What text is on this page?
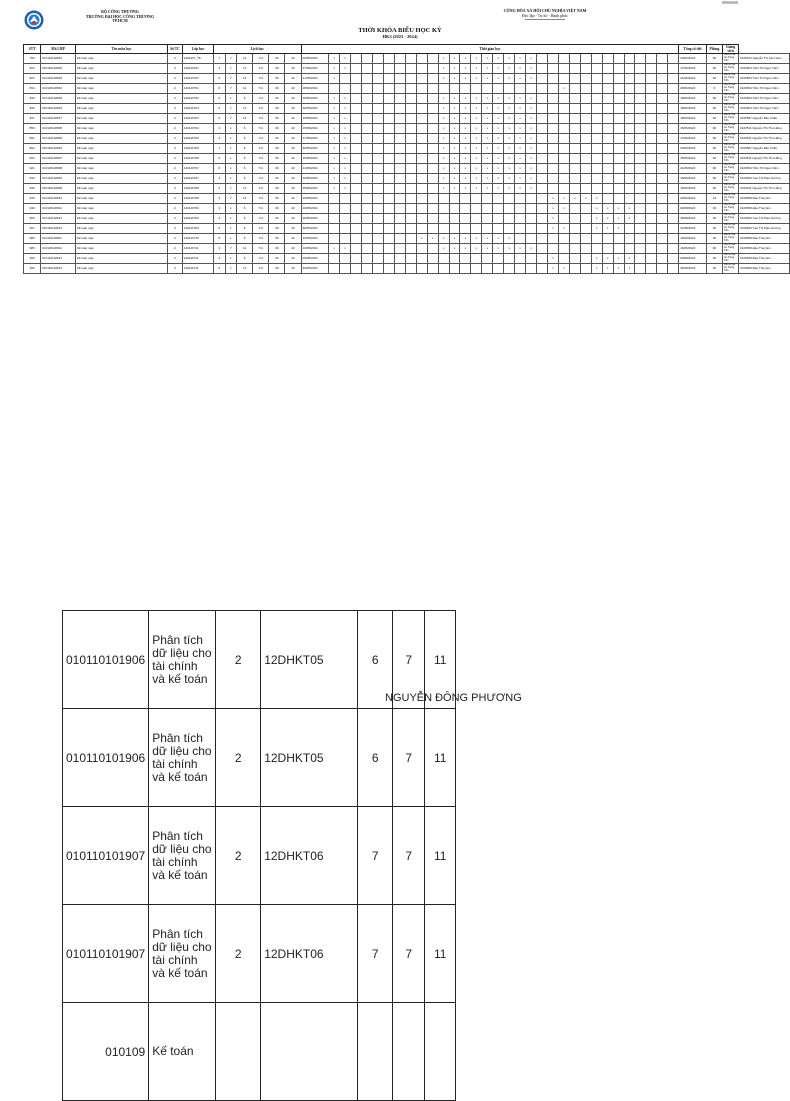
00000000
BỘ CÔNG THƯƠNG
TRƯỜNG ĐẠI HỌC CÔNG THƯƠNG
TP.HCM
CỘNG HÒA XÃ HỘI CHỦ NGHĨA VIỆT NAM
Độc lập - Tự do - Hạnh phúc
THỜI KHÓA BIỂU HỌC KỲ
HK3 (2023 - 2024)
STT	Mã LHP	Tên môn học	Số TC	Lớp học	Lịch học						Thời gian học																																	Tổng số tiết	Phòng	Giảng viên	
780	010110120801	Kế toán máy	2	12DHKT_T8	7	7	12	TH	60	42	20/05/2024	x	x									x	x	x	x	x	x	x	x	x														23/06/2024	60	B301-Toà Lê Trọng Tấn	0100512 Nguyễn Thị Lâm Viên
803	010110120802	Kế toán máy	2	12DHKT01	4	7	12	TH	60	42	17/05/2024	x	x									x	x	x	x	x	x	x	x	x														17/06/2024	60	B301-Toà Lê Trọng Tấn	0100504 Trần Thị Ngọc Cẩm
823	010110120803	Kế toán máy	2	12DHKT01	6	7	12	TH	60	42	21/05/2024	x										x	x	x	x	x	x	x	x	x														21/06/2024	60	B301-Toà Lê Trọng Tấn	0100504 Trần Thị Ngọc Cẩm
834	010110120810	Kế toán máy	2	12DHKT01	6	7	12	TH	60	42	28/06/2024																						x											28/06/2024	6	B301-Toà Lê Trọng Tấn	0100504 Trần Thị Ngọc Cẩm
840	010110120803	Kế toán máy	2	12DHKT02	6	1	6	TH	60	42	18/05/2024	x	x									x	x	x	x	x	x	x	x	x														18/06/2024	60	B301-Toà Lê Trọng Tấn	0100504 Trần Thị Ngọc Cẩm
846	010110120804	Kế toán máy	2	12DHKT03	6	7	12	TH	60	42	18/05/2024	x	x									x	x	x	x	x	x	x	x	x														18/06/2024	60	B301-Toà Lê Trọng Tấn	0100504 Trần Thị Ngọc Cẩm
847	010110120817	Kế toán máy	2	12DHKT03	6	7	12	TH	60	42	18/05/2024	x	x									x	x	x	x	x	x	x	x	x														18/06/2024	60	B301-Toà Lê Trọng Tấn	0100587 Nguyễn Bảo Châu
856	010110120805	Kế toán máy	2	12DHKT04	2	1	6	TH	60	42	15/05/2024	x	x									x	x	x	x	x	x	x	x	x														15/06/2024	60	B301-Toà Lê Trọng Tấn	0100511 Nguyễn Thị Thu Hằng
861	010110120806	Kế toán máy	2	12DHKT05	4	1	6	TH	60	42	17/05/2024	x	x									x	x	x	x	x	x	x	x	x														17/06/2024	60	B301-Toà Lê Trọng Tấn	0100511 Nguyễn Thị Thu Hằng
862	010110120816	Kế toán máy	2	12DHKT06	7	1	6	TH	60	42	20/05/2024	x	x									x	x	x	x	x	x	x	x	x														20/06/2024	60	B301-Toà Lê Trọng Tấn	0100587 Nguyễn Bảo Châu
902	010110120807	Kế toán máy	2	12DHKT08	6	1	6	TH	60	42	15/05/2024	x	x									x	x	x	x	x	x	x	x	x														15/06/2024	60	B301-Toà Lê Trọng Tấn	0100511 Nguyễn Thị Thu Hằng
921	010110120808	Kế toán máy	2	12DHKT07	6	1	6	TH	60	42	21/05/2024	x	x									x	x	x	x	x	x	x	x	x														21/06/2024	60	B301-Toà Lê Trọng Tấn	0100504 Trần Thị Ngọc Cẩm
933	010110120815	Kế toán máy	2	12DHKT07	3	1	6	TH	60	42	16/05/2024	x	x									x	x	x	x	x	x	x	x	x														16/06/2024	60	B301-Toà Lê Trọng Tấn	0100526 Cao Thị Diệu Hương
935	010110120809	Kế toán máy	2	12DHKT08	2	7	12	TH	60	42	15/05/2024	x	x									x	x	x	x	x	x	x	x	x														15/06/2024	60	B301-Toà Lê Trọng Tấn	0100511 Nguyễn Thị Thu Hằng
936	010110120813	Kế toán máy	2	12DHKT08	3	7	12	TH	60	42	29/05/2024																					x	x	x	x	x								29/06/2024	24	B301-Toà Lê Trọng Tấn	0100568 Đào Thùy Em
949	010110120814	Kế toán máy	2	12DHKT09	3	1	6	TH	60	42	29/05/2024																					x	x			x	x	x	x					09/08/2024	36	B301-Toà Lê Trọng Tấn	0100568 Đào Thùy Em
950	010110120814	Kế toán máy	2	12DHKT09	4	1	6	TH	60	42	30/05/2024																					x				x	x	x	x					30/08/2024	36	B301-Toà Lê Trọng Tấn	0100526 Cao Thị Diệu Hương
957	010110120814	Kế toán máy	2	12DHKT09	6	1	6	TH	60	42	28/05/2024																					x	x			x	x	x						31/08/2024	36	B301-Toà Lê Trọng Tấn	0100526 Cao Thị Diệu Hương
980	010110120811	Kế toán máy	2	12DHKT10	5	1	6	TH	60	42	16/05/2024									x	x	x	x	x	x	x	x	x																16/06/2024	36	B301-Toà Lê Trọng Tấn	0100568 Đào Thùy Em
986	010110120812	Kế toán máy	2	12DHKT11	3	7	12	TH	60	42	16/05/2024	x	x									x	x	x	x	x	x	x	x	x														16/06/2024	60	B301-Toà Lê Trọng Tấn	0100568 Đào Thùy Em
995	010110120813	Kế toán máy	2	12DHKT11	4	1	6	TH	60	42	29/05/2024																					x				x	x	x	x					09/08/2024	36	B301-Toà Lê Trọng Tấn	0100568 Đào Thùy Em
996	010110120813	Kế toán máy	2	12DHKT11	6	7	12	TH	60	42	29/05/2024																					x	x			x	x	x	x					30/08/2024	36	B301-Toà Lê Trọng Tấn	0100568 Đào Thùy Em
010110101906	Phân tích dữ liệu cho tài chính và kế toán	2	12DHKT05	6	7	11
010110101906	Phân tích dữ liệu cho tài chính và kế toán	2	12DHKT05	6	7	11
010110101907	Phân tích dữ liệu cho tài chính và kế toán	2	12DHKT06	7	7	11
010110101907	Phân tích dữ liệu cho tài chính và kế toán	2	12DHKT06	7	7	11
010109	Kế toán					
NGUYỄN ĐÔNG PHƯƠNG
